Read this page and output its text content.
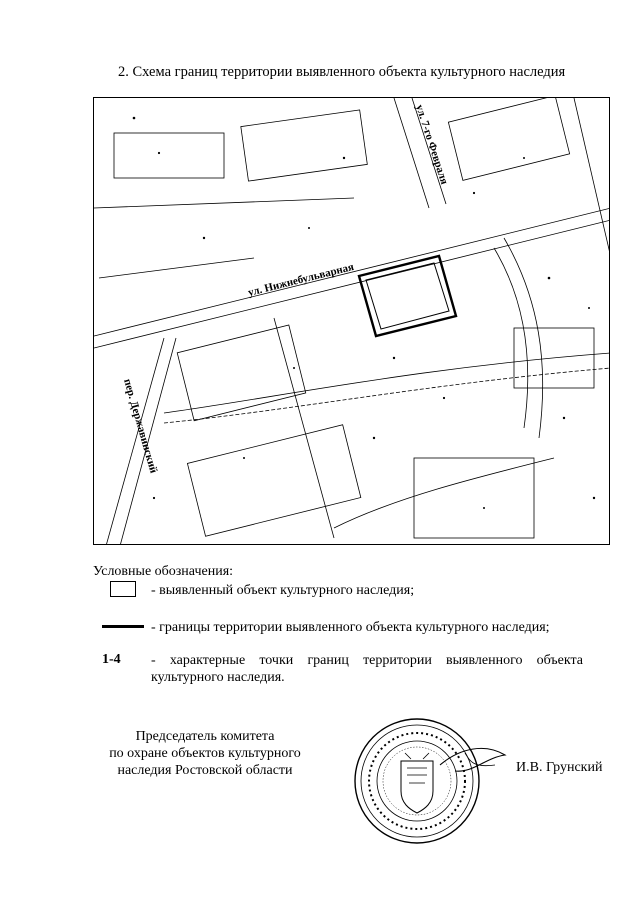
2. Схема границ территории выявленного объекта культурного наследия
ул. 7-го Февраля
ул. Нижнебульварная
пер. Державинский
Условные обозначения:
- выявленный объект культурного наследия;
- границы территории выявленного объекта культурного наследия;
1-4 - характерные точки границ территории выявленного объекта культурного наследия.
Председатель комитета
по охране объектов культурного
наследия Ростовской области	И.В. Грунский
